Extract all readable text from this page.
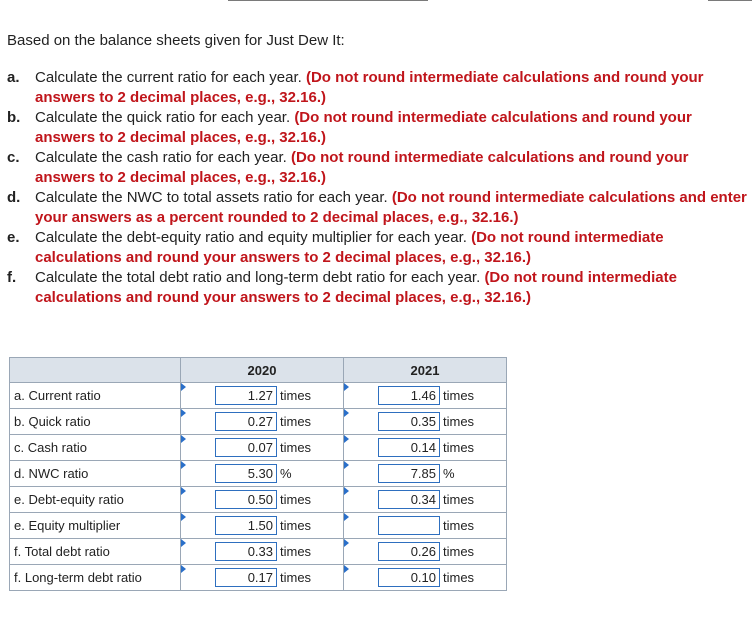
Based on the balance sheets given for Just Dew It:

a.	Calculate the current ratio for each year. (Do not round intermediate calculations and round your answers to 2 decimal places, e.g., 32.16.)
b. Calculate the quick ratio for each year. (Do not round intermediate calculations and round your answers to 2 decimal places, e.g., 32.16.)
c.	Calculate the cash ratio for each year. (Do not round intermediate calculations and round your answers to 2 decimal places, e.g., 32.16.)
d. Calculate the NWC to total assets ratio for each year. (Do not round intermediate calculations and enter your answers as a percent rounded to 2 decimal places, e.g., 32.16.)
e.	Calculate the debt-equity ratio and equity multiplier for each year. (Do not round intermediate calculations and round your answers to 2 decimal places, e.g., 32.16.)
f.	Calculate the total debt ratio and long-term debt ratio for each year. (Do not round intermediate calculations and round your answers to 2 decimal places, e.g., 32.16.)
	2020	2021
a. Current ratio	1.27 times	1.46 times

b. Quick ratio	0.27 times	0.35 times

c. Cash ratio	0.07 times	0.14 times

d. NWC ratio	5.30 %	7.85 %

e. Debt-equity ratio	0.50 times	0.34 times

e. Equity multiplier	1.50 times	times

f. Total debt ratio	0.33 times	0.26 times

f. Long-term debt ratio	0.17 times	0.10 times
